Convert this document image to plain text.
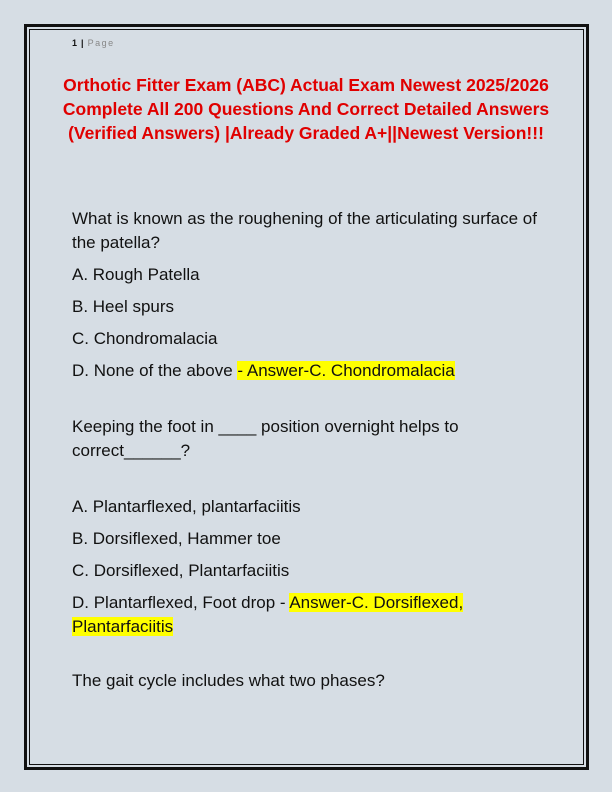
1 | Page
Orthotic Fitter Exam (ABC) Actual Exam Newest 2025/2026 Complete All 200 Questions And Correct Detailed Answers (Verified Answers) |Already Graded A+||Newest Version!!!

What is known as the roughening of the articulating surface of the patella?

A. Rough Patella

B. Heel spurs

C. Chondromalacia

D. None of the above - Answer-C. Chondromalacia

Keeping the foot in ____ position overnight helps to correct______?

A. Plantarflexed, plantarfaciitis

B. Dorsiflexed, Hammer toe

C. Dorsiflexed, Plantarfaciitis

D. Plantarflexed, Foot drop - Answer-C. Dorsiflexed, Plantarfaciitis

The gait cycle includes what two phases?
